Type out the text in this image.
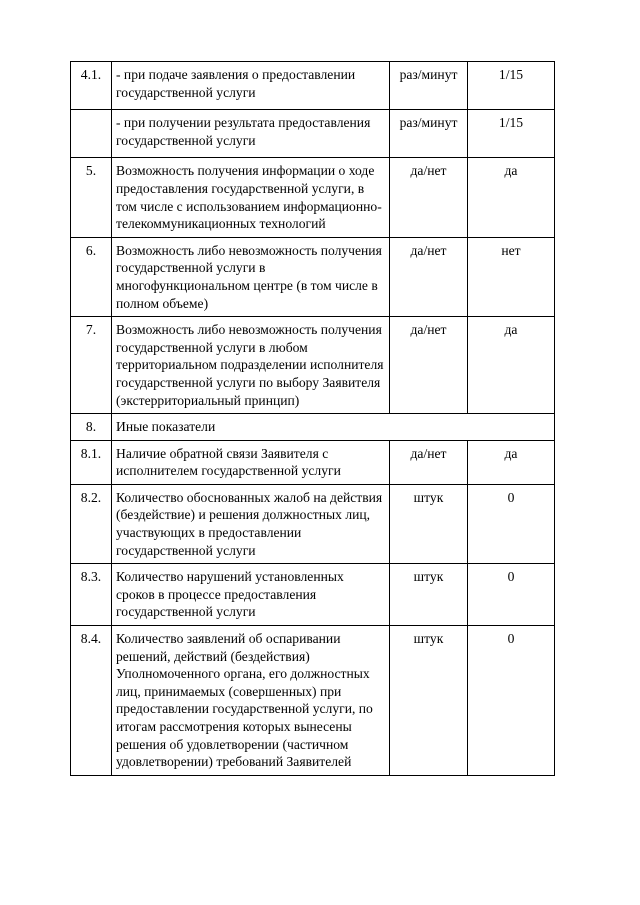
4.1.	- при подаче заявления о предоставлении государственной услуги	раз/минут	1/15
	- при получении результата предоставления государственной услуги	раз/минут	1/15
5.	Возможность получения информации о ходе предоставления государственной услуги, в том числе с использованием информационно-телекоммуникационных технологий	да/нет	да
6.	Возможность либо невозможность получения государственной услуги в многофункциональном центре (в том числе в полном объеме)	да/нет	нет
7.	Возможность либо невозможность получения государственной услуги в любом территориальном подразделении исполнителя государственной услуги по выбору Заявителя (экстерриториальный принцип)	да/нет	да
8.	Иные показатели		
8.1.	Наличие обратной связи Заявителя с исполнителем государственной услуги	да/нет	да
8.2.	Количество обоснованных жалоб на действия (бездействие) и решения должностных лиц, участвующих в предоставлении государственной услуги	штук	0
8.3.	Количество нарушений установленных сроков в процессе предоставления государственной услуги	штук	0
8.4.	Количество заявлений об оспаривании решений, действий (бездействия) Уполномоченного органа, его должностных лиц, принимаемых (совершенных) при предоставлении государственной услуги, по итогам рассмотрения которых вынесены решения об удовлетворении (частичном удовлетворении) требований Заявителей	штук	0
